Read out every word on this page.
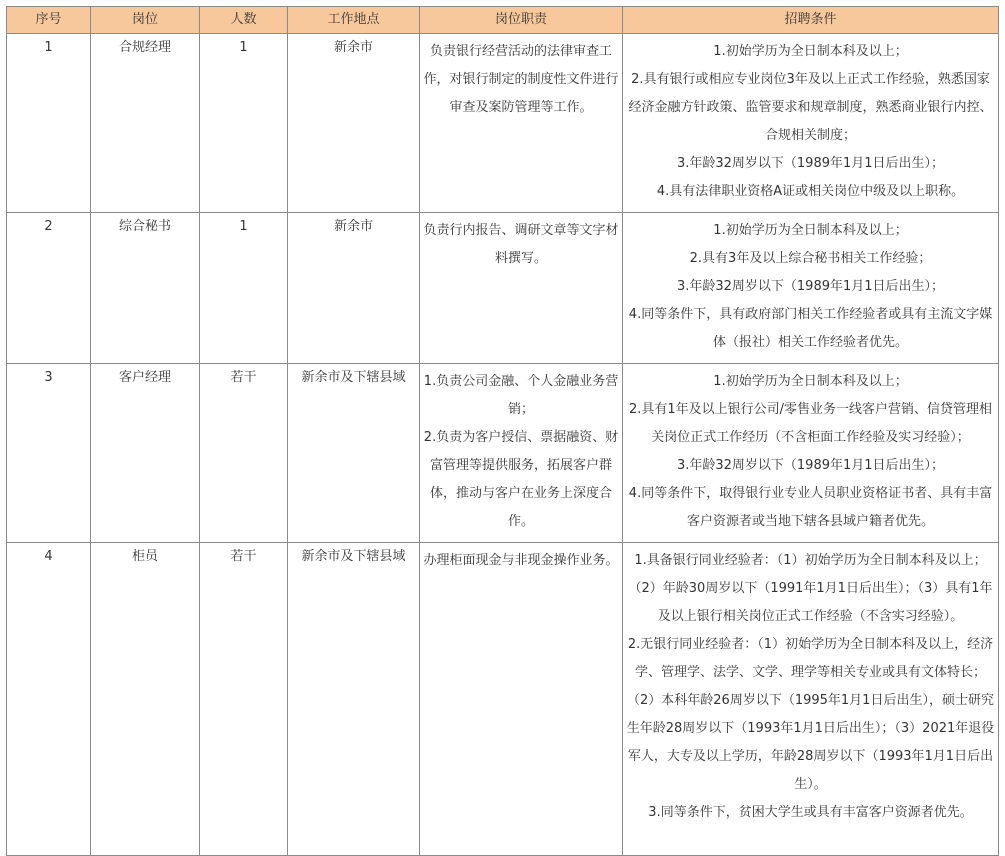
序号	岗位	人数	工作地点	岗位职责	招聘条件
1	合规经理	1	新余市	负责银行经营活动的法律审查工作，对银行制定的制度性文件进行审查及案防管理等工作。	1.初始学历为全日制本科及以上；
2.具有银行或相应专业岗位3年及以上正式工作经验，熟悉国家经济金融方针政策、监管要求和规章制度，熟悉商业银行内控、合规相关制度；
3.年龄32周岁以下（1989年1月1日后出生）；
4.具有法律职业资格A证或相关岗位中级及以上职称。

2	综合秘书	1	新余市	负责行内报告、调研文章等文字材料撰写。	1.初始学历为全日制本科及以上；
2.具有3年及以上综合秘书相关工作经验；
3.年龄32周岁以下（1989年1月1日后出生）；
4.同等条件下，具有政府部门相关工作经验者或具有主流文字媒体（报社）相关工作经验者优先。

3	客户经理	若干	新余市及下辖县域	1.负责公司金融、个人金融业务营销；
2.负责为客户授信、票据融资、财富管理等提供服务，拓展客户群体，推动与客户在业务上深度合作。	1.初始学历为全日制本科及以上；
2.具有1年及以上银行公司/零售业务一线客户营销、信贷管理相关岗位正式工作经历（不含柜面工作经验及实习经验）；
3.年龄32周岁以下（1989年1月1日后出生）；
4.同等条件下，取得银行业专业人员职业资格证书者、具有丰富客户资源者或当地下辖各县域户籍者优先。

4	柜员	若干	新余市及下辖县域	办理柜面现金与非现金操作业务。	1.具备银行同业经验者：（1）初始学历为全日制本科及以上；（2）年龄30周岁以下（1991年1月1日后出生）；（3）具有1年及以上银行相关岗位正式工作经验（不含实习经验）。
2.无银行同业经验者：（1）初始学历为全日制本科及以上，经济学、管理学、法学、文学、理学等相关专业或具有文体特长；（2）本科年龄26周岁以下（1995年1月1日后出生），硕士研究生年龄28周岁以下（1993年1月1日后出生）；（3）2021年退役军人，大专及以上学历，年龄28周岁以下（1993年1月1日后出生）。
3.同等条件下，贫困大学生或具有丰富客户资源者优先。
